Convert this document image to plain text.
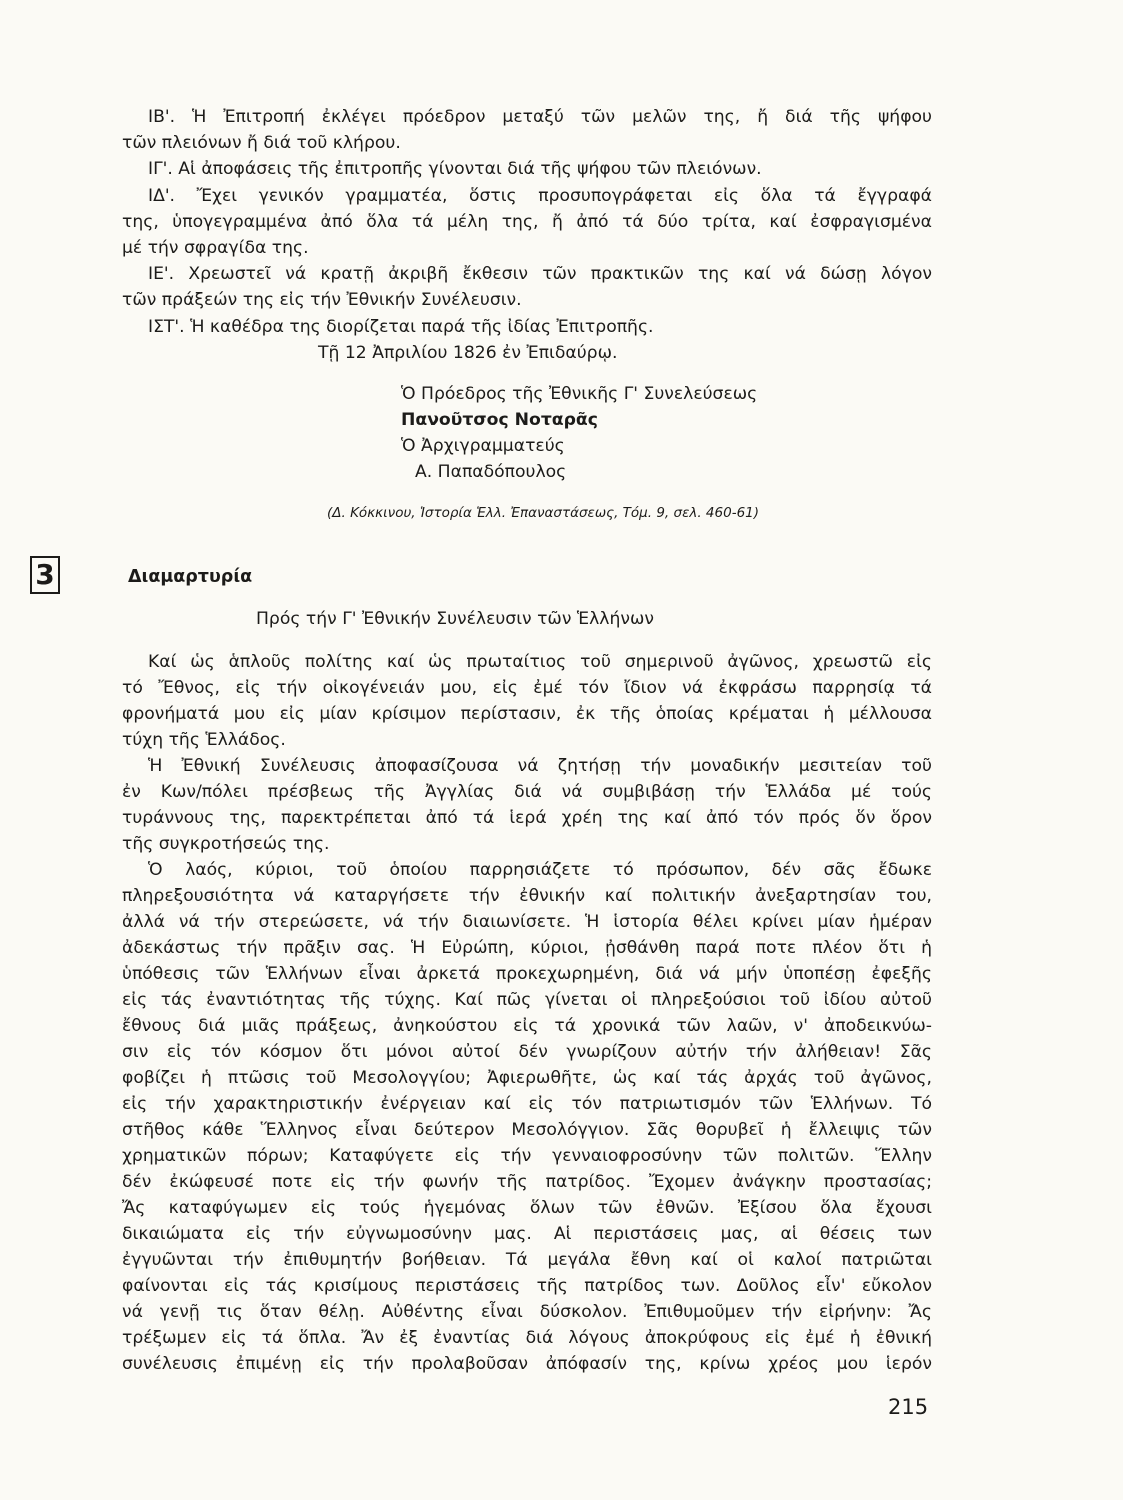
ΙΒ'. Ἡ Ἐπιτροπή ἐκλέγει πρόεδρον μεταξύ τῶν μελῶν της, ἤ διά τῆς ψήφου
τῶν πλειόνων ἤ διά τοῦ κλήρου.
ΙΓ'. Αἱ ἀποφάσεις τῆς ἐπιτροπῆς γίνονται διά τῆς ψήφου τῶν πλειόνων.
ΙΔ'. Ἔχει γενικόν γραμματέα, ὅστις προσυπογράφεται εἰς ὅλα τά ἔγγραφά
της, ὑπογεγραμμένα ἀπό ὅλα τά μέλη της, ἤ ἀπό τά δύο τρίτα, καί ἐσφραγισμένα
μέ τήν σφραγίδα της.
ΙΕ'. Χρεωστεῖ νά κρατῇ ἀκριβῆ ἔκθεσιν τῶν πρακτικῶν της καί νά δώσῃ λόγον
τῶν πράξεών της εἰς τήν Ἐθνικήν Συνέλευσιν.
ΙΣΤ'. Ἡ καθέδρα της διορίζεται παρά τῆς ἰδίας Ἐπιτροπῆς.
Τῇ 12 Ἀπριλίου 1826 ἐν Ἐπιδαύρῳ.
Ὁ Πρόεδρος τῆς Ἐθνικῆς Γ' Συνελεύσεως
Πανοῦτσος Νοταρᾶς
Ὁ Ἀρχιγραμματεύς
Α. Παπαδόπουλος
(Δ. Κόκκινου, Ἱστορία Ἑλλ. Ἐπαναστάσεως, Τόμ. 9, σελ. 460-61)
3	Διαμαρτυρία
Πρός τήν Γ' Ἐθνικήν Συνέλευσιν τῶν Ἑλλήνων
Καί ὡς ἁπλοῦς πολίτης καί ὡς πρωταίτιος τοῦ σημερινοῦ ἀγῶνος, χρεωστῶ εἰς
τό Ἔθνος, εἰς τήν οἰκογένειάν μου, εἰς ἐμέ τόν ἴδιον νά ἐκφράσω παρρησίᾳ τά
φρονήματά μου εἰς μίαν κρίσιμον περίστασιν, ἐκ τῆς ὁποίας κρέμαται ἡ μέλλουσα
τύχη τῆς Ἑλλάδος.
Ἡ Ἐθνική Συνέλευσις ἀποφασίζουσα νά ζητήσῃ τήν μοναδικήν μεσιτείαν τοῦ
ἐν Κων/πόλει πρέσβεως τῆς Ἀγγλίας διά νά συμβιβάσῃ τήν Ἑλλάδα μέ τούς
τυράννους της, παρεκτρέπεται ἀπό τά ἱερά χρέη της καί ἀπό τόν πρός ὅν ὅρον
τῆς συγκροτήσεώς της.
Ὁ λαός, κύριοι, τοῦ ὁποίου παρρησιάζετε τό πρόσωπον, δέν σᾶς ἔδωκε
πληρεξουσιότητα νά καταργήσετε τήν ἐθνικήν καί πολιτικήν ἀνεξαρτησίαν του,
ἀλλά νά τήν στερεώσετε, νά τήν διαιωνίσετε. Ἡ ἱστορία θέλει κρίνει μίαν ἡμέραν
ἀδεκάστως τήν πρᾶξιν σας. Ἡ Εὐρώπη, κύριοι, ᾐσθάνθη παρά ποτε πλέον ὅτι ἡ
ὑπόθεσις τῶν Ἑλλήνων εἶναι ἀρκετά προκεχωρημένη, διά νά μήν ὑποπέσῃ ἐφεξῆς
εἰς τάς ἐναντιότητας τῆς τύχης. Καί πῶς γίνεται οἱ πληρεξούσιοι τοῦ ἰδίου αὐτοῦ
ἔθνους διά μιᾶς πράξεως, ἀνηκούστου εἰς τά χρονικά τῶν λαῶν, ν' ἀποδεικνύω-
σιν εἰς τόν κόσμον ὅτι μόνοι αὐτοί δέν γνωρίζουν αὐτήν τήν ἀλήθειαν! Σᾶς
φοβίζει ἡ πτῶσις τοῦ Μεσολογγίου; Ἀφιερωθῆτε, ὡς καί τάς ἀρχάς τοῦ ἀγῶνος,
εἰς τήν χαρακτηριστικήν ἐνέργειαν καί εἰς τόν πατριωτισμόν τῶν Ἑλλήνων. Τό
στῆθος κάθε Ἕλληνος εἶναι δεύτερον Μεσολόγγιον. Σᾶς θορυβεῖ ἡ ἔλλειψις τῶν
χρηματικῶν πόρων; Καταφύγετε εἰς τήν γενναιοφροσύνην τῶν πολιτῶν. Ἕλλην
δέν ἐκώφευσέ ποτε εἰς τήν φωνήν τῆς πατρίδος. Ἔχομεν ἀνάγκην προστασίας;
Ἄς καταφύγωμεν εἰς τούς ἡγεμόνας ὅλων τῶν ἐθνῶν. Ἐξίσου ὅλα ἔχουσι
δικαιώματα εἰς τήν εὐγνωμοσύνην μας. Αἱ περιστάσεις μας, αἱ θέσεις των
ἐγγυῶνται τήν ἐπιθυμητήν βοήθειαν. Τά μεγάλα ἔθνη καί οἱ καλοί πατριῶται
φαίνονται εἰς τάς κρισίμους περιστάσεις τῆς πατρίδος των. Δοῦλος εἶν' εὔκολον
νά γενῇ τις ὅταν θέλῃ. Αὐθέντης εἶναι δύσκολον. Ἐπιθυμοῦμεν τήν εἰρήνην: Ἄς
τρέξωμεν εἰς τά ὅπλα. Ἄν ἐξ ἐναντίας διά λόγους ἀποκρύφους εἰς ἐμέ ἡ ἐθνική
συνέλευσις ἐπιμένῃ εἰς τήν προλαβοῦσαν ἀπόφασίν της, κρίνω χρέος μου ἱερόν
215
